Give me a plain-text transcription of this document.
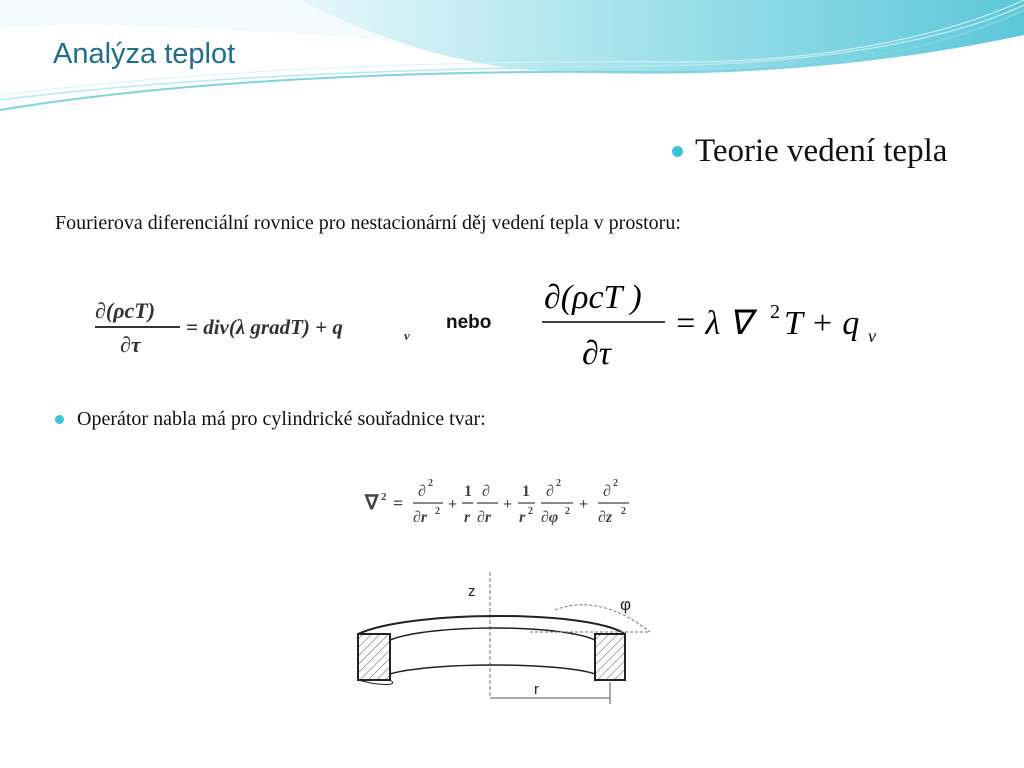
Analýza teplot
Teorie vedení tepla
Fourierova diferenciální rovnice pro nestacionární děj vedení tepla v prostoru:
∂(ρcT)
∂τ
= div(λ gradT) + q	v
nebo
∂(ρcT )
∂τ
= λ ∇ 2 T + q v
Operátor nabla má pro cylindrické souřadnice tvar:
∇ 2 =
∂ 2
∂r 2 +
1
r
∂
∂r
+
1
r 2
∂ 2
∂φ 2 +
∂ 2
∂z 2
z
φ
r
